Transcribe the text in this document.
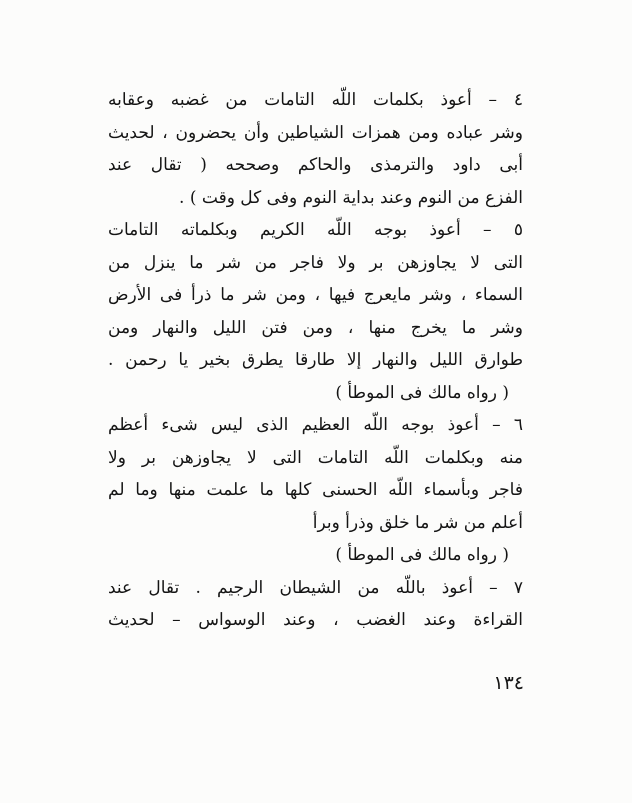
٤ – أعوذ بكلمات اللّه التامات من غضبه وعقابه
وشر عباده ومن همزات الشياطين وأن يحضرون ، لحديث
أبى داود والترمذى والحاكم وصححه ( تقال عند
الفزع من النوم وعند بداية النوم وفى كل وقت ) .
٥ – أعوذ بوجه اللّه الكريم وبكلماته التامات
التى لا يجاوزهن بر ولا فاجر من شر ما ينزل من
السماء ، وشر مايعرج فيها ، ومن شر ما ذرأ فى الأرض
وشر ما يخرج منها ، ومن فتن الليل والنهار ومن
طوارق الليل والنهار إلا طارقا يطرق بخير يا رحمن .
( رواه مالك فى الموطأ )
٦ – أعوذ بوجه اللّه العظيم الذى ليس شىء أعظم
منه وبكلمات اللّه التامات التى لا يجاوزهن بر ولا
فاجر وبأسماء اللّه الحسنى كلها ما علمت منها وما لم
أعلم من شر ما خلق وذرأ وبرأ
( رواه مالك فى الموطأ )
٧ – أعوذ باللّه من الشيطان الرجيم . تقال عند
القراءة وعند الغضب ، وعند الوسواس – لحديث
١٣٤
